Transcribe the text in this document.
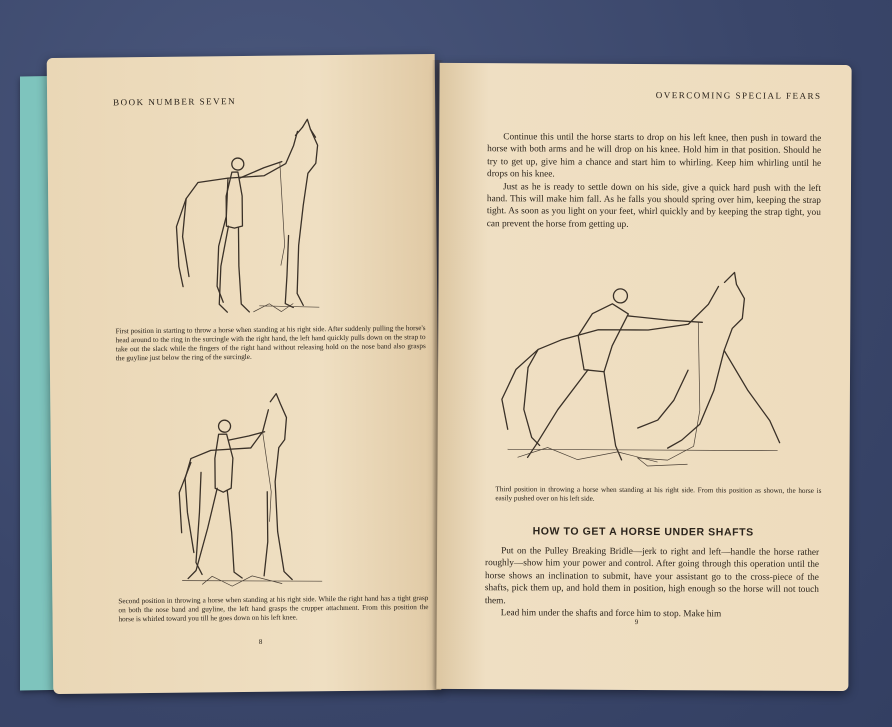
BOOK NUMBER SEVEN

First position in starting to throw a horse when standing at his right side. After suddenly pulling the horse's head around to the ring in the surcingle with the right hand, the left hand quickly pulls down on the strap to take out the slack while the fingers of the right hand without releasing hold on the nose band also grasps the guyline just below the ring of the surcingle.

Second position in throwing a horse when standing at his right side. While the right hand has a tight grasp on both the nose band and guyline, the left hand grasps the crupper attachment. From this position the horse is whirled toward you till he goes down on his left knee.

8
OVERCOMING SPECIAL FEARS

Continue this until the horse starts to drop on his left knee, then push in toward the horse with both arms and he will drop on his knee. Hold him in that position. Should he try to get up, give him a chance and start him to whirling. Keep him whirling until he drops on his knee.

Just as he is ready to settle down on his side, give a quick hard push with the left hand. This will make him fall. As he falls you should spring over him, keeping the strap tight. As soon as you light on your feet, whirl quickly and by keeping the strap tight, you can prevent the horse from getting up.

Third position in throwing a horse when standing at his right side. From this position as shown, the horse is easily pushed over on his left side.

HOW TO GET A HORSE UNDER SHAFTS

Put on the Pulley Breaking Bridle—jerk to right and left—handle the horse rather roughly—show him your power and control. After going through this operation until the horse shows an inclination to submit, have your assistant go to the cross-piece of the shafts, pick them up, and hold them in position, high enough so the horse will not touch them.

Lead him under the shafts and force him to stop. Make him

9
